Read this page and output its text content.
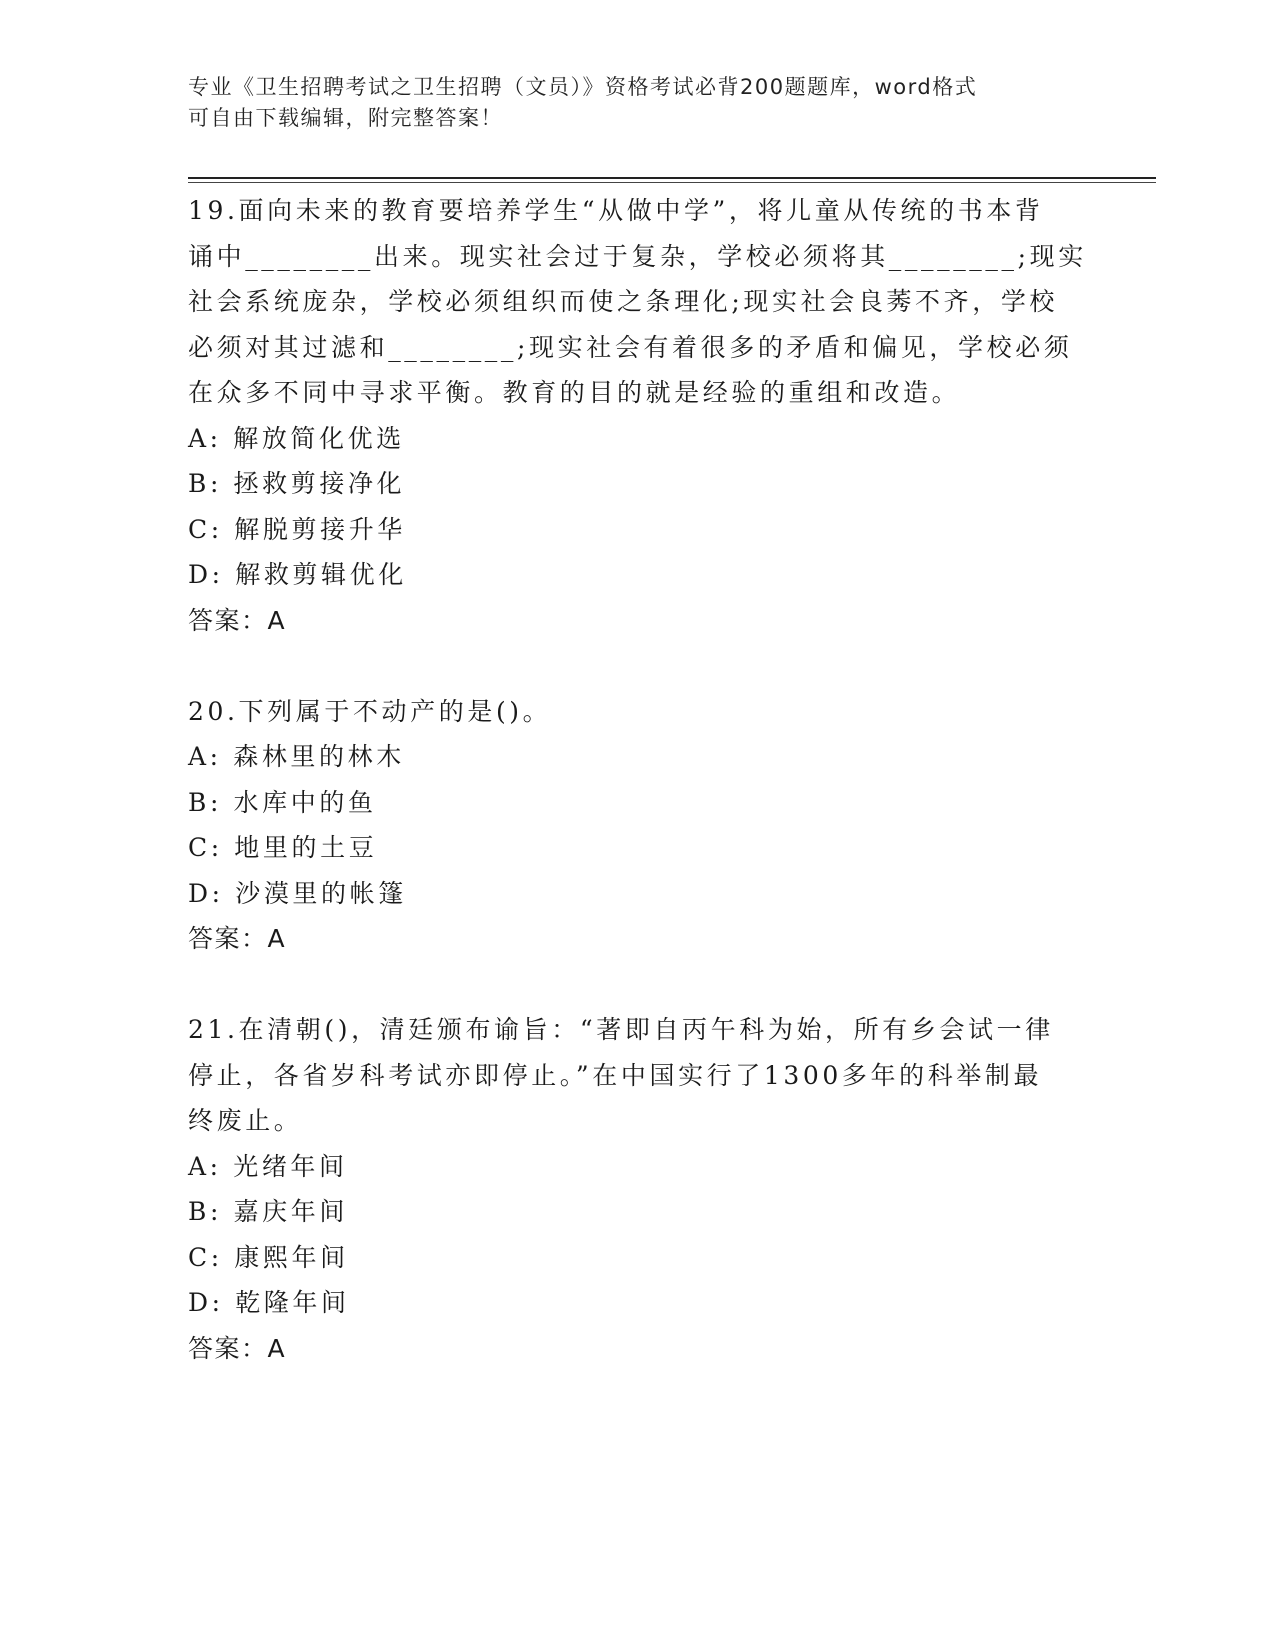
专业《卫生招聘考试之卫生招聘（文员）》资格考试必背200题题库，word格式
可自由下载编辑，附完整答案！
19.面向未来的教育要培养学生“从做中学”，将儿童从传统的书本背
诵中________出来。现实社会过于复杂，学校必须将其________;现实
社会系统庞杂，学校必须组织而使之条理化;现实社会良莠不齐，学校
必须对其过滤和________;现实社会有着很多的矛盾和偏见，学校必须
在众多不同中寻求平衡。教育的目的就是经验的重组和改造。
A: 解放简化优选
B: 拯救剪接净化
C: 解脱剪接升华
D: 解救剪辑优化
答案：A
20.下列属于不动产的是()。
A: 森林里的林木
B: 水库中的鱼
C: 地里的土豆
D: 沙漠里的帐篷
答案：A
21.在清朝()，清廷颁布谕旨：“著即自丙午科为始，所有乡会试一律
停止，各省岁科考试亦即停止。”在中国实行了1300多年的科举制最
终废止。
A: 光绪年间
B: 嘉庆年间
C: 康熙年间
D: 乾隆年间
答案：A
